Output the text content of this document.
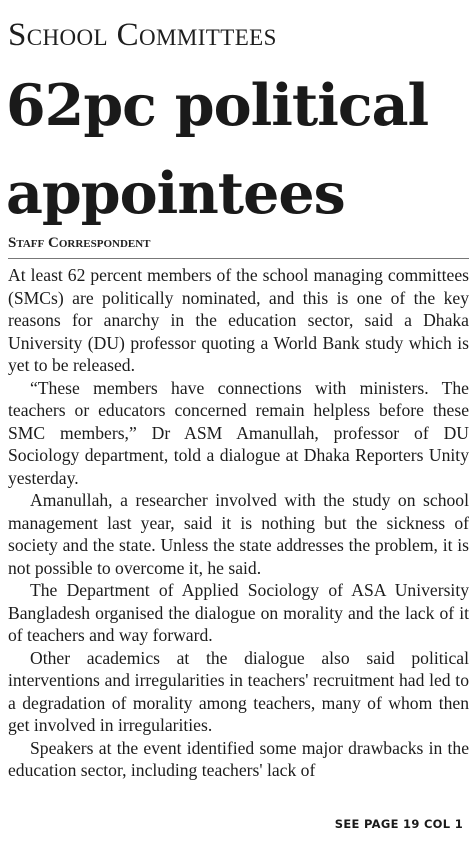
School Committees
62pc political appointees
Staff Correspondent

At least 62 percent members of the school managing committees (SMCs) are politically nominated, and this is one of the key reasons for anarchy in the education sector, said a Dhaka University (DU) professor quoting a World Bank study which is yet to be released.

“These members have connections with ministers. The teachers or educators concerned remain helpless before these SMC members,” Dr ASM Amanullah, professor of DU Sociology department, told a dialogue at Dhaka Reporters Unity yesterday.

Amanullah, a researcher involved with the study on school management last year, said it is nothing but the sickness of society and the state. Unless the state addresses the problem, it is not possible to overcome it, he said.

The Department of Applied Sociology of ASA University Bangladesh organised the dialogue on morality and the lack of it of teachers and way forward.

Other academics at the dialogue also said political interventions and irregularities in teachers' recruitment had led to a degradation of morality among teachers, many of whom then get involved in irregularities.

Speakers at the event identified some major drawbacks in the education sector, including teachers' lack of

SEE PAGE 19 COL 1
